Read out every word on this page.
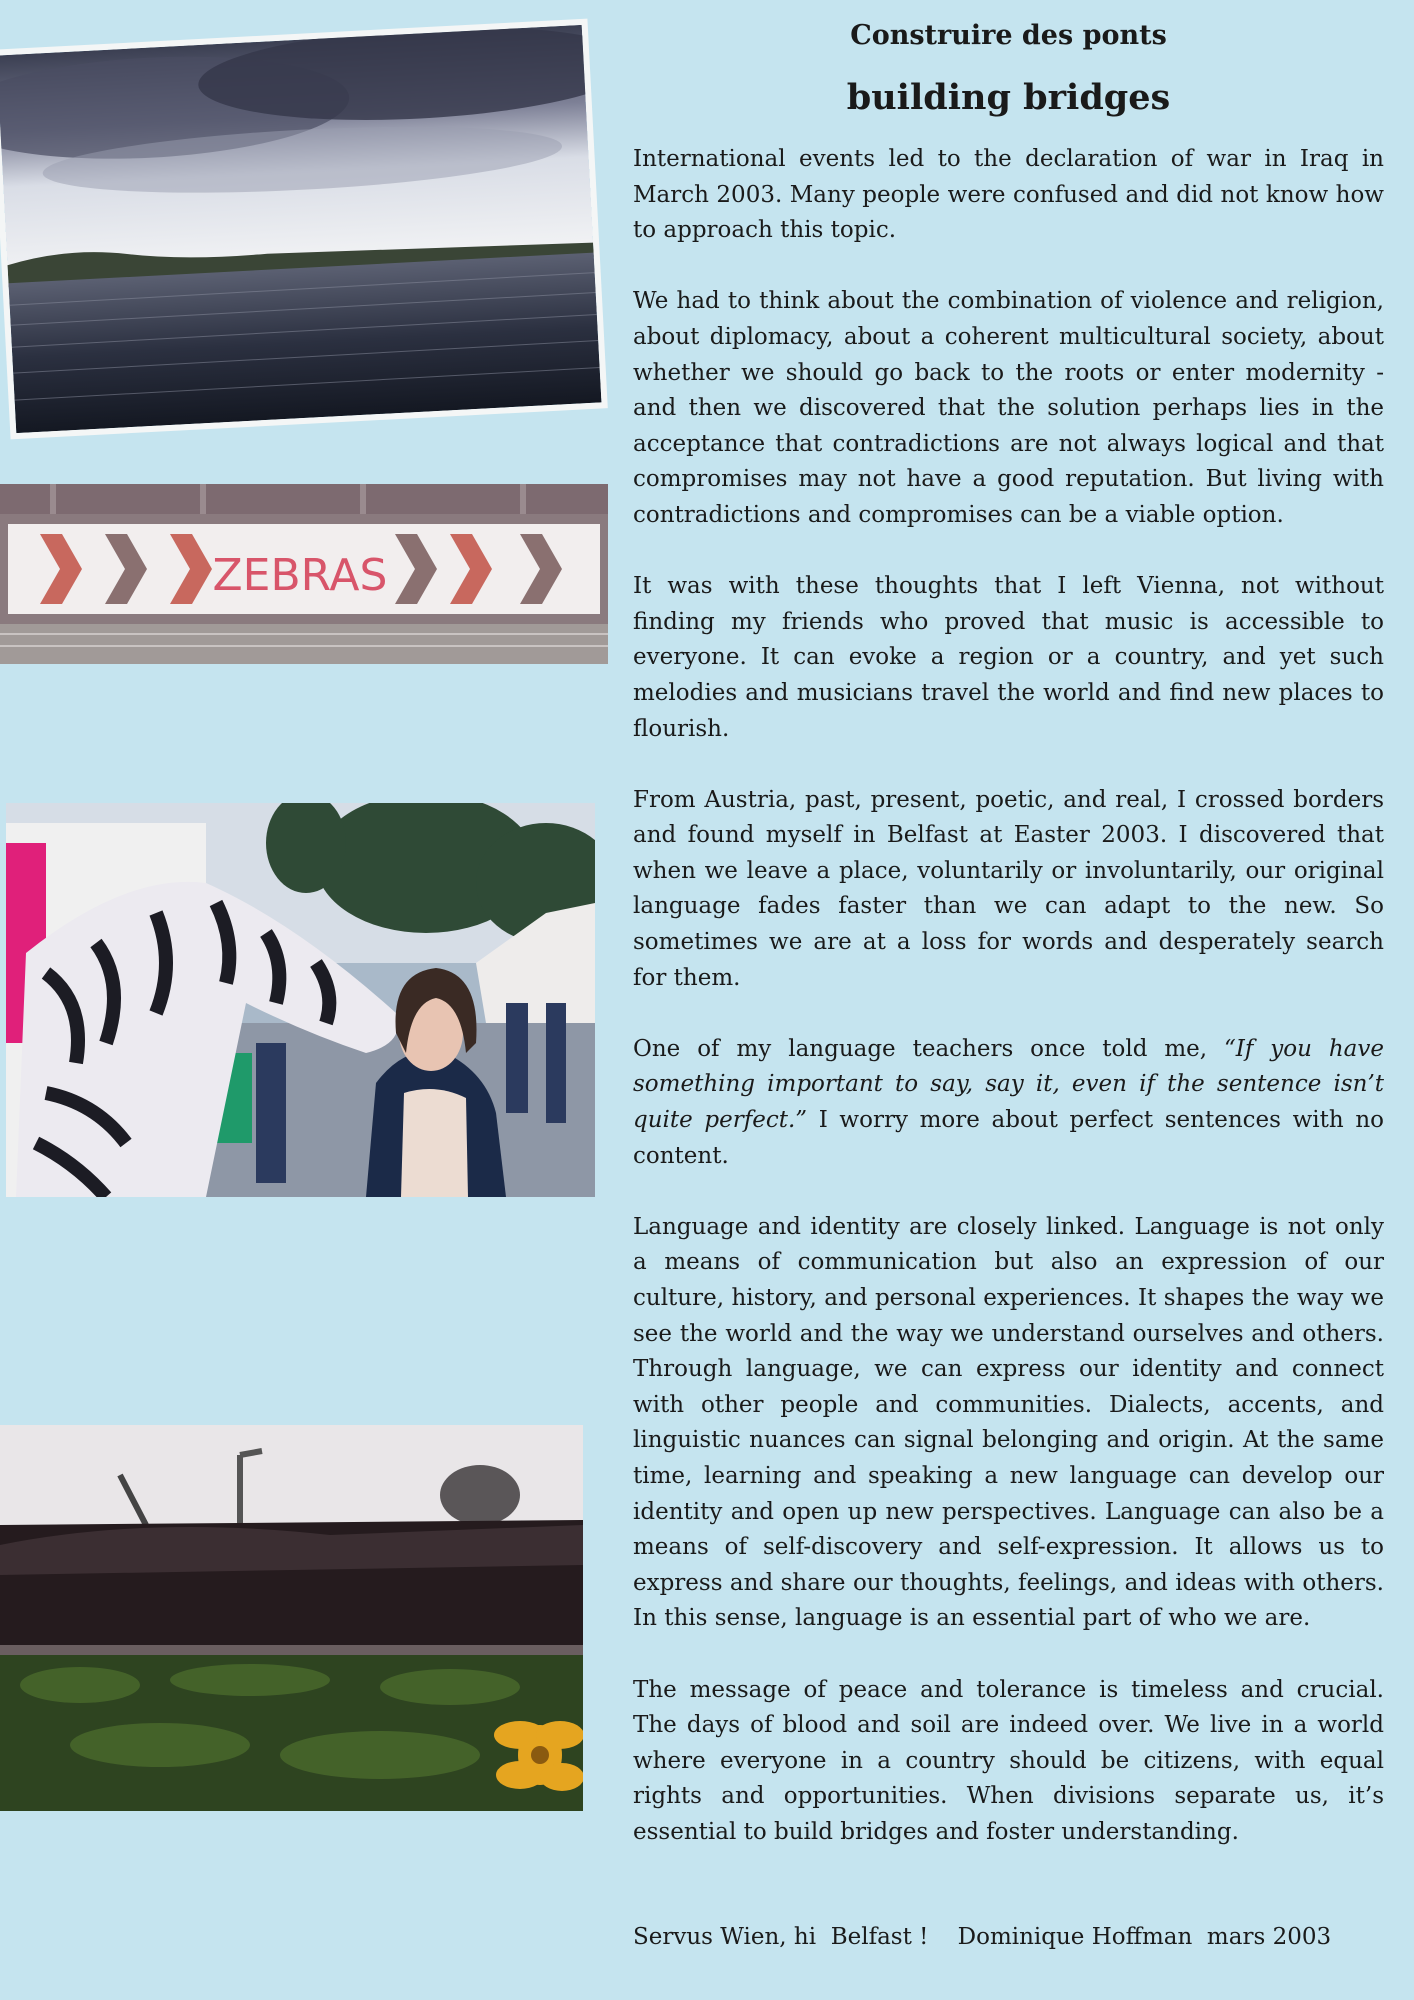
ZEBRAS
Construire des ponts
building bridges

International events led to the declaration of war in Iraq in March 2003. Many people were confused and did not know how to approach this topic.

We had to think about the combination of violence and religion, about diplomacy, about a coherent multicultural society, about whether we should go back to the roots or enter modernity - and then we discovered that the solution perhaps lies in the acceptance that contradictions are not always logical and that compromises may not have a good reputation. But living with contradictions and compromises can be a viable option.

It was with these thoughts that I left Vienna, not without finding my friends who proved that music is accessible to everyone. It can evoke a region or a country, and yet such melodies and musicians travel the world and find new places to flourish.

From Austria, past, present, poetic, and real, I crossed borders and found myself in Belfast at Easter 2003. I discovered that when we leave a place, voluntarily or involuntarily, our original language fades faster than we can adapt to the new. So sometimes we are at a loss for words and desperately search for them.

One of my language teachers once told me, “If you have something important to say, say it, even if the sentence isn’t quite perfect.” I worry more about perfect sentences with no content.

Language and identity are closely linked. Language is not only a means of communication but also an expression of our culture, history, and personal experiences. It shapes the way we see the world and the way we understand ourselves and others. Through language, we can express our identity and connect with other people and communities. Dialects, accents, and linguistic nuances can signal belonging and origin. At the same time, learning and speaking a new language can develop our identity and open up new perspectives. Language can also be a means of self-discovery and self-expression. It allows us to express and share our thoughts, feelings, and ideas with others. In this sense, language is an essential part of who we are.

The message of peace and tolerance is timeless and crucial. The days of blood and soil are indeed over. We live in a world where everyone in a country should be citizens, with equal rights and opportunities. When divisions separate us, it’s essential to build bridges and foster understanding.

Servus Wien, hi  Belfast !    Dominique Hoffman  mars 2003
